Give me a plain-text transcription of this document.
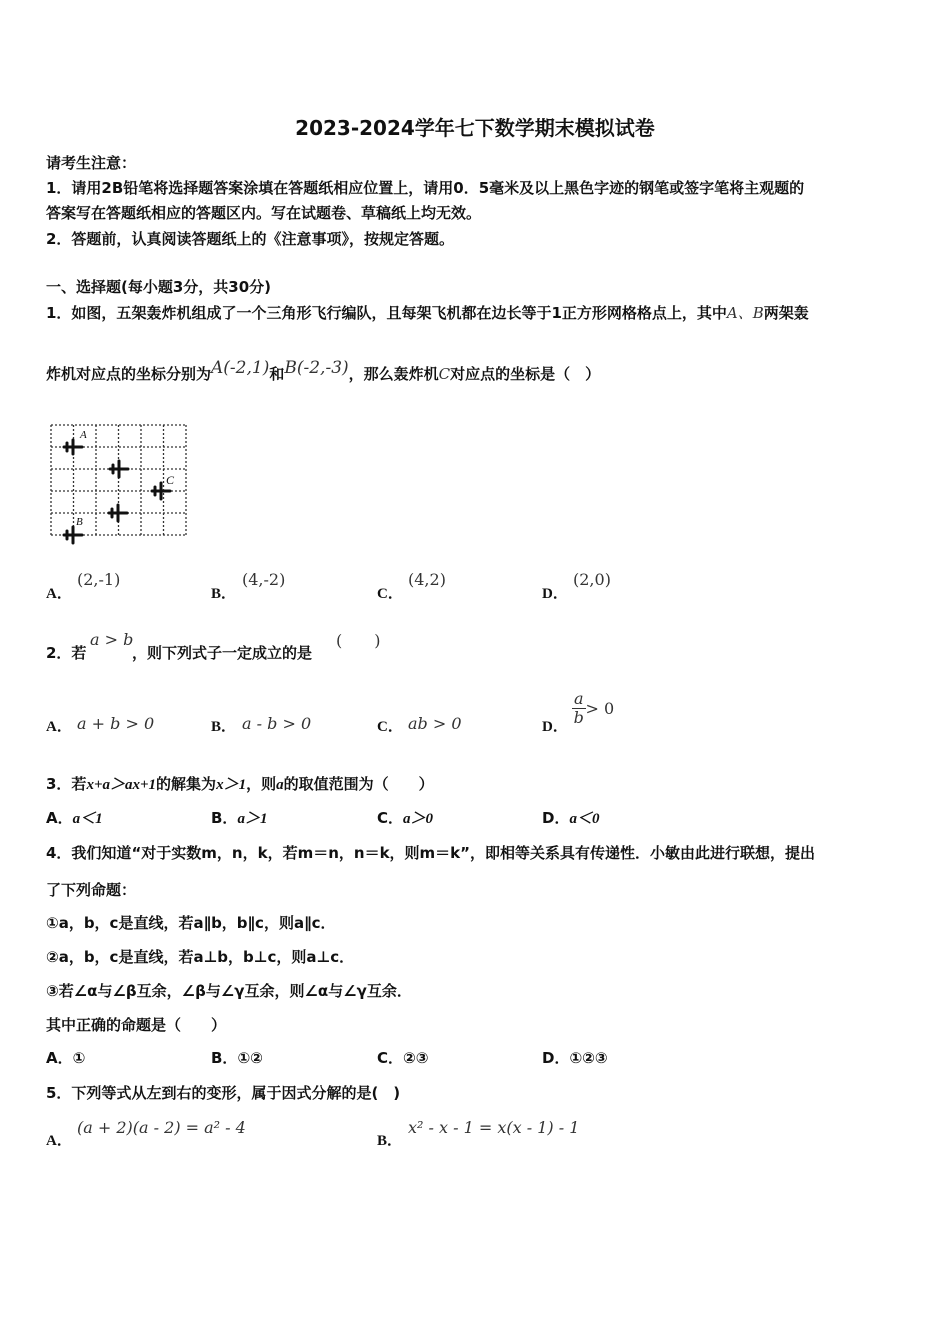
2023-2024学年七下数学期末模拟试卷
请考生注意：
1．请用2B铅笔将选择题答案涂填在答题纸相应位置上，请用0．5毫米及以上黑色字迹的钢笔或签字笔将主观题的
答案写在答题纸相应的答题区内。写在试题卷、草稿纸上均无效。
2．答题前，认真阅读答题纸上的《注意事项》，按规定答题。
一、选择题(每小题3分，共30分)
1．如图，五架轰炸机组成了一个三角形飞行编队，且每架飞机都在边长等于1正方形网格格点上，其中A、B两架轰
炸机对应点的坐标分别为A(-2,1)和B(-2,-3)，那么轰炸机C对应点的坐标是（　）
A
C
B
A．
(2,-1)
B．
(4,-2)
C．
(4,2)
D．
(2,0)
2．若
a > b
，则下列式子一定成立的是
(　　)
A． a + b > 0	B． a - b > 0	C． ab > 0	D． $\frac{a}{b} > 0$
3．若x+a＞ax+1的解集为x＞1，则a的取值范围为（　　）
A．a＜1	B．a＞1	C．a＞0	D．a＜0
4．我们知道“对于实数m，n，k，若m＝n，n＝k，则m＝k”，即相等关系具有传递性．小敏由此进行联想，提出
了下列命题：
①a，b，c是直线，若a∥b，b∥c，则a∥c．
②a，b，c是直线，若a⊥b，b⊥c，则a⊥c．
③若∠α与∠β互余，∠β与∠γ互余，则∠α与∠γ互余．
其中正确的命题是（　　）
A．①	B．①②	C．②③	D．①②③
5．下列等式从左到右的变形，属于因式分解的是(　)
A．
(a + 2)(a - 2) = a² - 4
B．
x² - x - 1 = x(x - 1) - 1
